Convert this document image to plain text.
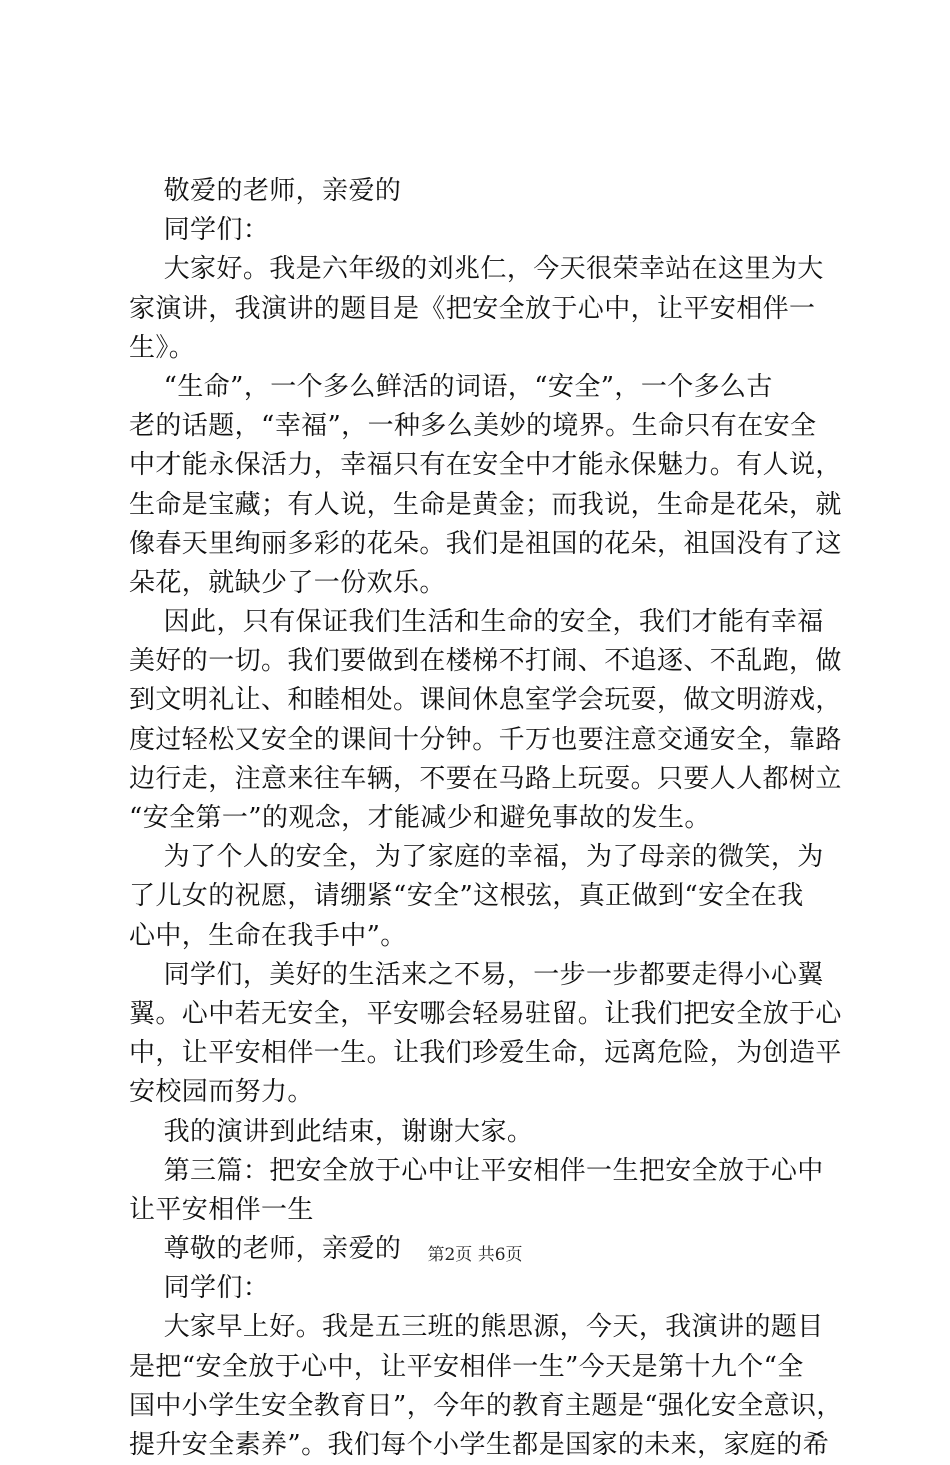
敬爱的老师，亲爱的
同学们：
大家好。我是六年级的刘兆仁，今天很荣幸站在这里为大
家演讲，我演讲的题目是《把安全放于心中，让平安相伴一
生》。
“生命”，一个多么鲜活的词语，“安全”，一个多么古
老的话题，“幸福”，一种多么美妙的境界。生命只有在安全
中才能永保活力，幸福只有在安全中才能永保魅力。有人说，
生命是宝藏；有人说，生命是黄金；而我说，生命是花朵，就
像春天里绚丽多彩的花朵。我们是祖国的花朵，祖国没有了这
朵花，就缺少了一份欢乐。
因此，只有保证我们生活和生命的安全，我们才能有幸福
美好的一切。我们要做到在楼梯不打闹、不追逐、不乱跑，做
到文明礼让、和睦相处。课间休息室学会玩耍，做文明游戏，
度过轻松又安全的课间十分钟。千万也要注意交通安全，靠路
边行走，注意来往车辆，不要在马路上玩耍。只要人人都树立
“安全第一”的观念，才能减少和避免事故的发生。
为了个人的安全，为了家庭的幸福，为了母亲的微笑，为
了儿女的祝愿，请绷紧“安全”这根弦，真正做到“安全在我
心中，生命在我手中”。
同学们，美好的生活来之不易，一步一步都要走得小心翼
翼。心中若无安全，平安哪会轻易驻留。让我们把安全放于心
中，让平安相伴一生。让我们珍爱生命，远离危险，为创造平
安校园而努力。
我的演讲到此结束，谢谢大家。
第三篇：把安全放于心中让平安相伴一生把安全放于心中
让平安相伴一生
尊敬的老师，亲爱的
同学们：
大家早上好。我是五三班的熊思源，今天，我演讲的题目
是把“安全放于心中，让平安相伴一生”今天是第十九个“全
国中小学生安全教育日”，今年的教育主题是“强化安全意识，
提升安全素养”。我们每个小学生都是国家的未来，家庭的希
第2页 共6页
